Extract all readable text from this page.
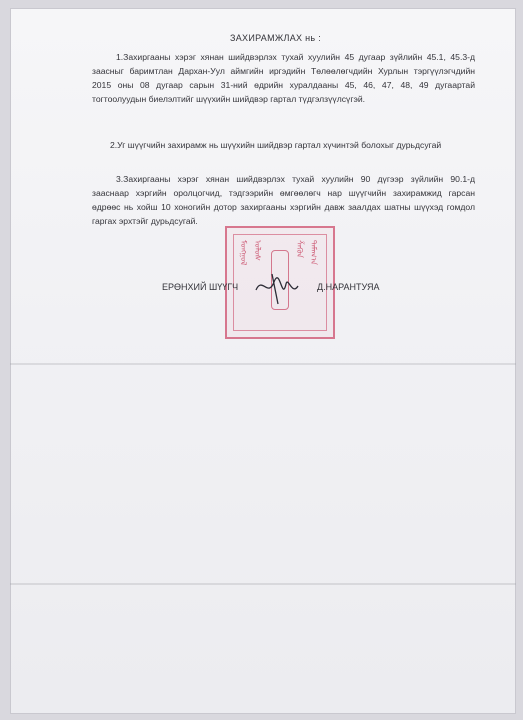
ЗАХИРАМЖЛАХ нь :
1.Захиргааны хэрэг хянан шийдвэрлэх тухай хуулийн 45 дугаар зүйлийн 45.1, 45.3-д
заасныг баримтлан Дархан-Уул аймгийн иргэдийн Төлөөлөгчдийн Хурлын тэргүүлэгчдийн
2015 оны 08 дугаар сарын 31-ний өдрийн хуралдааны 45, 46, 47, 48, 49 дугаартай
тогтоолуудын биелэлтийг шүүхийн шийдвэр гартал түдгэлзүүлсүгэй.
2.Уг шүүгчийн захирамж нь шүүхийн шийдвэр гартал хүчинтэй болохыг дурьдсугай
3.Захиргааны хэрэг хянан шийдвэрлэх тухай хуулийн 90 дүгээр зүйлийн 90.1-д
зааснаар хэргийн оролцогчид, тэдгээрийн өмгөөлөгч нар шүүгчийн захирамжид гарсан
өдрөөс нь хойш 10 хоногийн дотор захиргааны хэргийн давж заалдах шатны шүүхэд гомдол
гаргах эрхтэйг дурьдсугай.
ᠮᠣᠩᠭᠣᠯ ᠤᠯᠤᠰ	ᠱᠡᠭᠦᠨ ᠲᠠᠮᠠᠭ᠎ᠠ
ЕРӨНХИЙ ШҮҮГЧ	Д.НАРАНТУЯА
